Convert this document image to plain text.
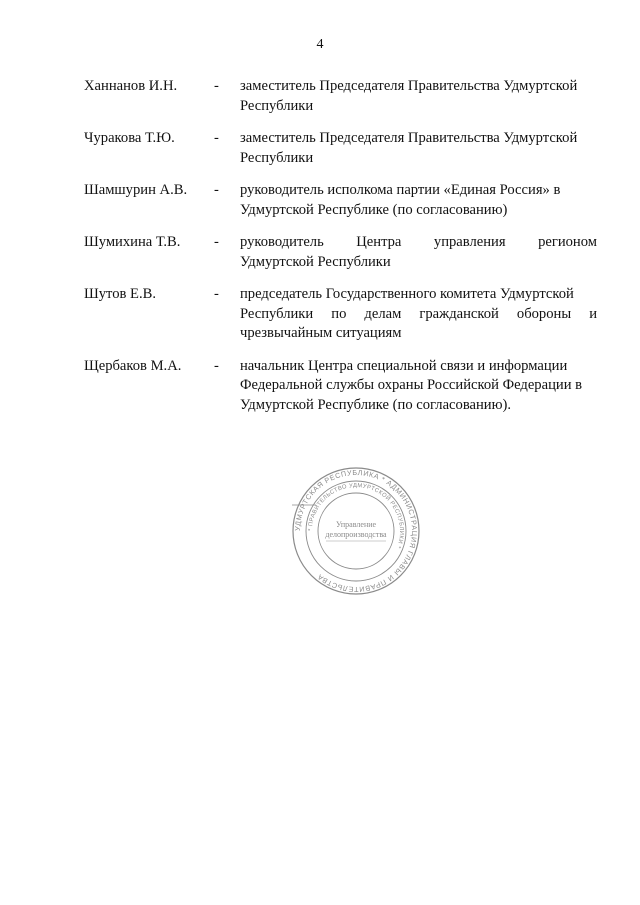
4
Ханнанов И.Н.	-	заместитель Председателя Правительства Удмуртской
Республики
Чуракова Т.Ю.	-	заместитель Председателя Правительства Удмуртской
Республики
Шамшурин А.В.	-	руководитель исполкома партии «Единая Россия» в
Удмуртской Республике (по согласованию)
Шумихина Т.В.	-	руководитель Центра управления регионом
Удмуртской Республики
Шутов Е.В.	-	председатель Государственного комитета Удмуртской

Республики по делам гражданской обороны и
чрезвычайным ситуациям
Щербаков М.А.	-	начальник Центра специальной связи и информации
Федеральной службы охраны Российской Федерации в
Удмуртской Республике (по согласованию).
УДМУРТСКАЯ РЕСПУБЛИКА * АДМИНИСТРАЦИЯ ГЛАВЫ И ПРАВИТЕЛЬСТВА
* ПРАВИТЕЛЬСТВО УДМУРТСКОЙ РЕСПУБЛИКИ *
Управление
делопроизводства
